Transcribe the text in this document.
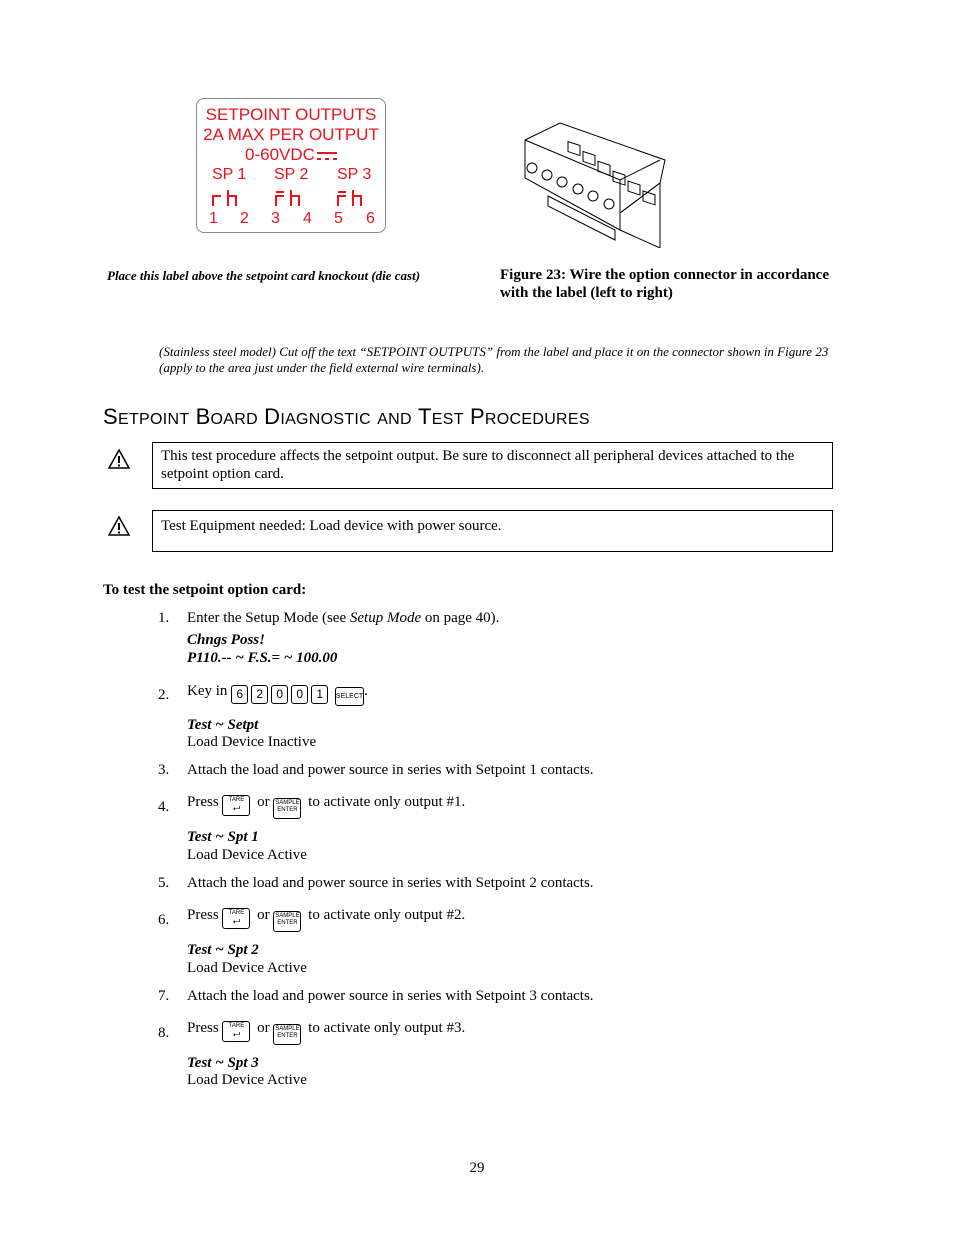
SETPOINT OUTPUTS
2A MAX PER OUTPUT
0-60VDC
SP 1 SP 2 SP 3
1 2 3 4 5 6
Place this label above the setpoint card knockout (die cast)	Figure 23: Wire the option connector in accordance with the label (left to right)
(Stainless steel model) Cut off the text “SETPOINT OUTPUTS” from the label and place it on the connector shown in Figure 23 (apply to the area just under the field external wire terminals).
SETPOINT BOARD DIAGNOSTIC AND TEST PROCEDURES
This test procedure affects the setpoint output. Be sure to disconnect all peripheral devices attached to the setpoint option card.
Test Equipment needed: Load device with power source.
To test the setpoint option card:
1. Enter the Setup Mode (see Setup Mode on page 40).
Chngs Poss!
P110.-- ~ F.S.= ~ 100.00
2. Key in 6 2 0 0 1 SELECT.
Test ~ Setpt
Load Device Inactive
3. Attach the load and power source in series with Setpoint 1 contacts.
4. Press	TARE
⮠	or SAMPLE
ENTER to activate only output #1.
Test ~ Spt 1
Load Device Active
5. Attach the load and power source in series with Setpoint 2 contacts.
6. Press	TARE
⮠	or SAMPLE
ENTER to activate only output #2.
Test ~ Spt 2
Load Device Active
7. Attach the load and power source in series with Setpoint 3 contacts.
8. Press	TARE
⮠	or SAMPLE
ENTER to activate only output #3.
Test ~ Spt 3
Load Device Active
29
